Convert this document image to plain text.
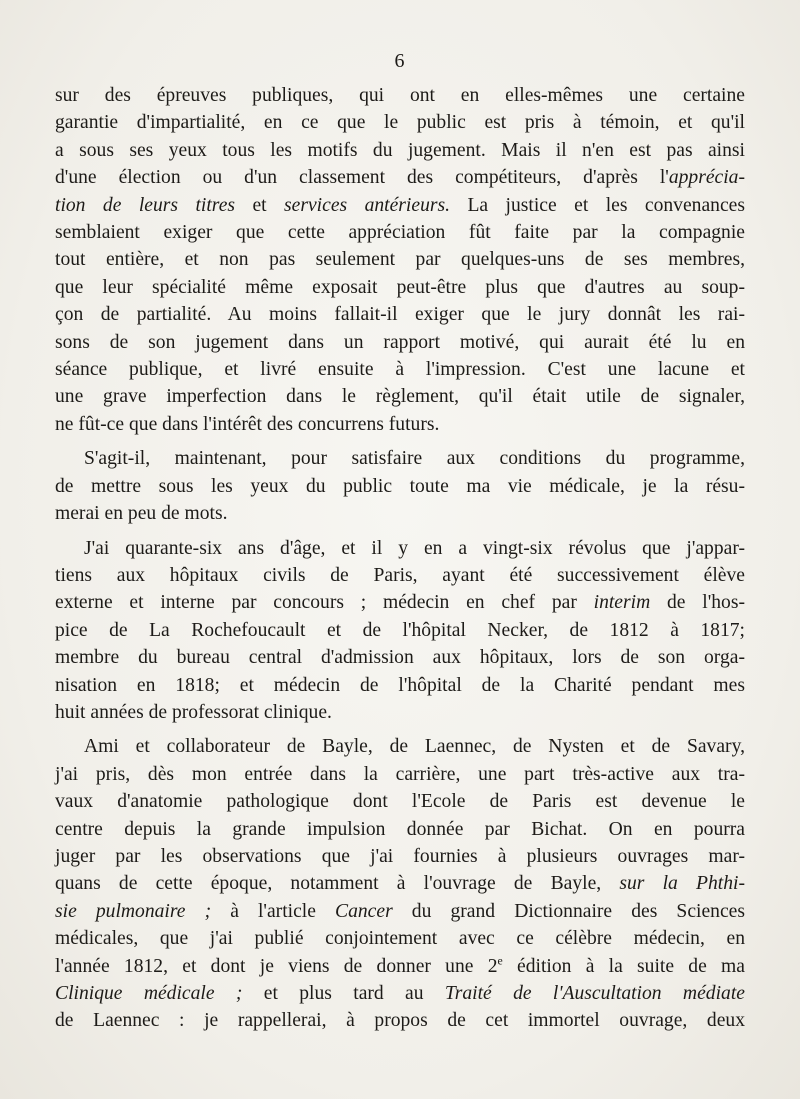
6

sur des épreuves publiques, qui ont en elles-mêmes une certaine
garantie d'impartialité, en ce que le public est pris à témoin, et qu'il
a sous ses yeux tous les motifs du jugement. Mais il n'en est pas ainsi
d'une élection ou d'un classement des compétiteurs, d'après l'apprécia-
tion de leurs titres et services antérieurs. La justice et les convenances
semblaient exiger que cette appréciation fût faite par la compagnie
tout entière, et non pas seulement par quelques-uns de ses membres,
que leur spécialité même exposait peut-être plus que d'autres au soup-
çon de partialité. Au moins fallait-il exiger que le jury donnât les rai-
sons de son jugement dans un rapport motivé, qui aurait été lu en
séance publique, et livré ensuite à l'impression. C'est une lacune et
une grave imperfection dans le règlement, qu'il était utile de signaler,
ne fût-ce que dans l'intérêt des concurrens futurs.

S'agit-il, maintenant, pour satisfaire aux conditions du programme,
de mettre sous les yeux du public toute ma vie médicale, je la résu-
merai en peu de mots.

J'ai quarante-six ans d'âge, et il y en a vingt-six révolus que j'appar-
tiens aux hôpitaux civils de Paris, ayant été successivement élève
externe et interne par concours ; médecin en chef par interim de l'hos-
pice de La Rochefoucault et de l'hôpital Necker, de 1812 à 1817;
membre du bureau central d'admission aux hôpitaux, lors de son orga-
nisation en 1818; et médecin de l'hôpital de la Charité pendant mes
huit années de professorat clinique.

Ami et collaborateur de Bayle, de Laennec, de Nysten et de Savary,
j'ai pris, dès mon entrée dans la carrière, une part très-active aux tra-
vaux d'anatomie pathologique dont l'Ecole de Paris est devenue le
centre depuis la grande impulsion donnée par Bichat. On en pourra
juger par les observations que j'ai fournies à plusieurs ouvrages mar-
quans de cette époque, notamment à l'ouvrage de Bayle, sur la Phthi-
sie pulmonaire ; à l'article Cancer du grand Dictionnaire des Sciences
médicales, que j'ai publié conjointement avec ce célèbre médecin, en
l'année 1812, et dont je viens de donner une 2e édition à la suite de ma
Clinique médicale ; et plus tard au Traité de l'Auscultation médiate
de Laennec : je rappellerai, à propos de cet immortel ouvrage, deux
